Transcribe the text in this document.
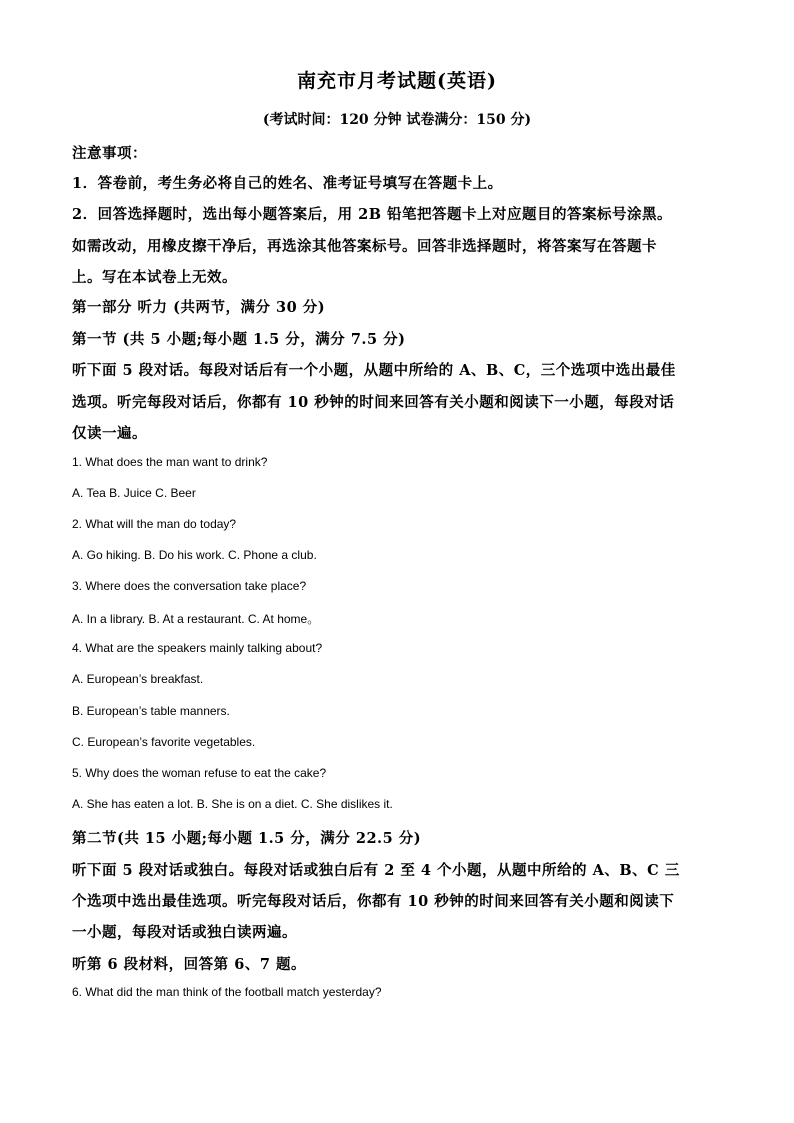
南充市月考试题(英语)
(考试时间：120 分钟 试卷满分：150 分)
注意事项：
1．答卷前，考生务必将自己的姓名、准考证号填写在答题卡上。
2．回答选择题时，选出每小题答案后，用 2B 铅笔把答题卡上对应题目的答案标号涂黑。
如需改动，用橡皮擦干净后，再选涂其他答案标号。回答非选择题时，将答案写在答题卡
上。写在本试卷上无效。
第一部分 听力 (共两节，满分 30 分)
第一节 (共 5 小题;每小题 1.5 分，满分 7.5 分)
听下面 5 段对话。每段对话后有一个小题，从题中所给的 A、B、C，三个选项中选出最佳
选项。听完每段对话后，你都有 10 秒钟的时间来回答有关小题和阅读下一小题，每段对话
仅读一遍。
1. What does the man want to drink?
A. Tea B. Juice C. Beer
2. What will the man do today?
A. Go hiking. B. Do his work. C. Phone a club.
3. Where does the conversation take place?
A. In a library. B. At a restaurant. C. At home。
4. What are the speakers mainly talking about?
A. European’s breakfast.
B. European’s table manners.
C. European’s favorite vegetables.
5. Why does the woman refuse to eat the cake?
A. She has eaten a lot. B. She is on a diet. C. She dislikes it.
第二节(共 15 小题;每小题 1.5 分，满分 22.5 分)
听下面 5 段对话或独白。每段对话或独白后有 2 至 4 个小题，从题中所给的 A、B、C 三
个选项中选出最佳选项。听完每段对话后，你都有 10 秒钟的时间来回答有关小题和阅读下
一小题，每段对话或独白读两遍。
听第 6 段材料，回答第 6、7 题。
6. What did the man think of the football match yesterday?
